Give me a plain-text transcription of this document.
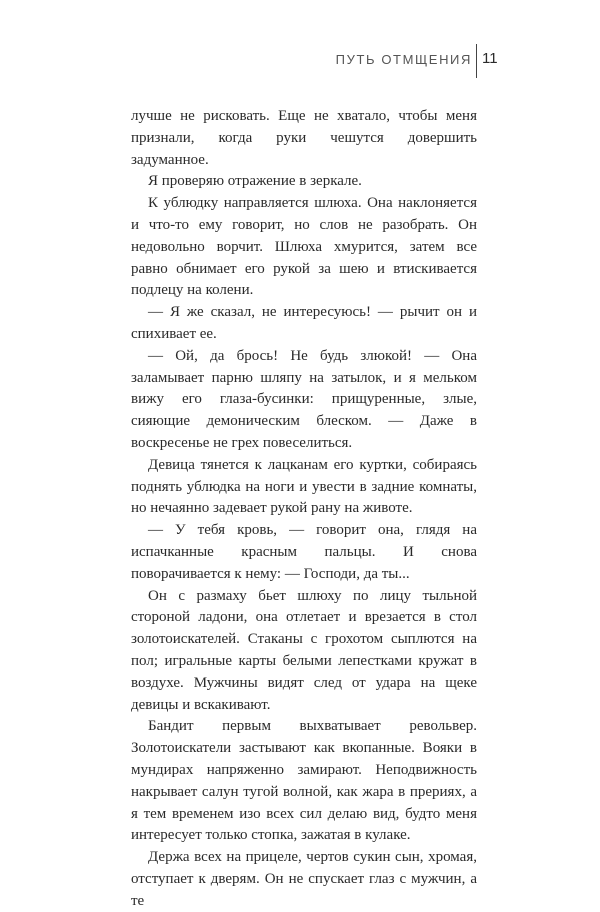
ПУТЬ ОТМЩЕНИЯ 11

лучше не рисковать. Еще не хватало, чтобы меня признали, когда руки чешутся довершить задуманное.

Я проверяю отражение в зеркале.

К ублюдку направляется шлюха. Она наклоняется и что-то ему говорит, но слов не разобрать. Он недовольно ворчит. Шлюха хмурится, затем все равно обнимает его рукой за шею и втискивается подлецу на колени.

— Я же сказал, не интересуюсь! — рычит он и спихивает ее.

— Ой, да брось! Не будь злюкой! — Она заламывает парню шляпу на затылок, и я мельком вижу его глаза-бусинки: прищуренные, злые, сияющие демоническим блеском. — Даже в воскресенье не грех повеселиться.

Девица тянется к лацканам его куртки, собираясь поднять ублюдка на ноги и увести в задние комнаты, но нечаянно задевает рукой рану на животе.

— У тебя кровь, — говорит она, глядя на испачканные красным пальцы. И снова поворачивается к нему: — Господи, да ты...

Он с размаху бьет шлюху по лицу тыльной стороной ладони, она отлетает и врезается в стол золотоискателей. Стаканы с грохотом сыплются на пол; игральные карты белыми лепестками кружат в воздухе. Мужчины видят след от удара на щеке девицы и вскакивают.

Бандит первым выхватывает револьвер. Золотоискатели застывают как вкопанные. Вояки в мундирах напряженно замирают. Неподвижность накрывает салун тугой волной, как жара в прериях, а я тем временем изо всех сил делаю вид, будто меня интересует только стопка, зажатая в кулаке.

Держа всех на прицеле, чертов сукин сын, хромая, отступает к дверям. Он не спускает глаз с мужчин, а те
